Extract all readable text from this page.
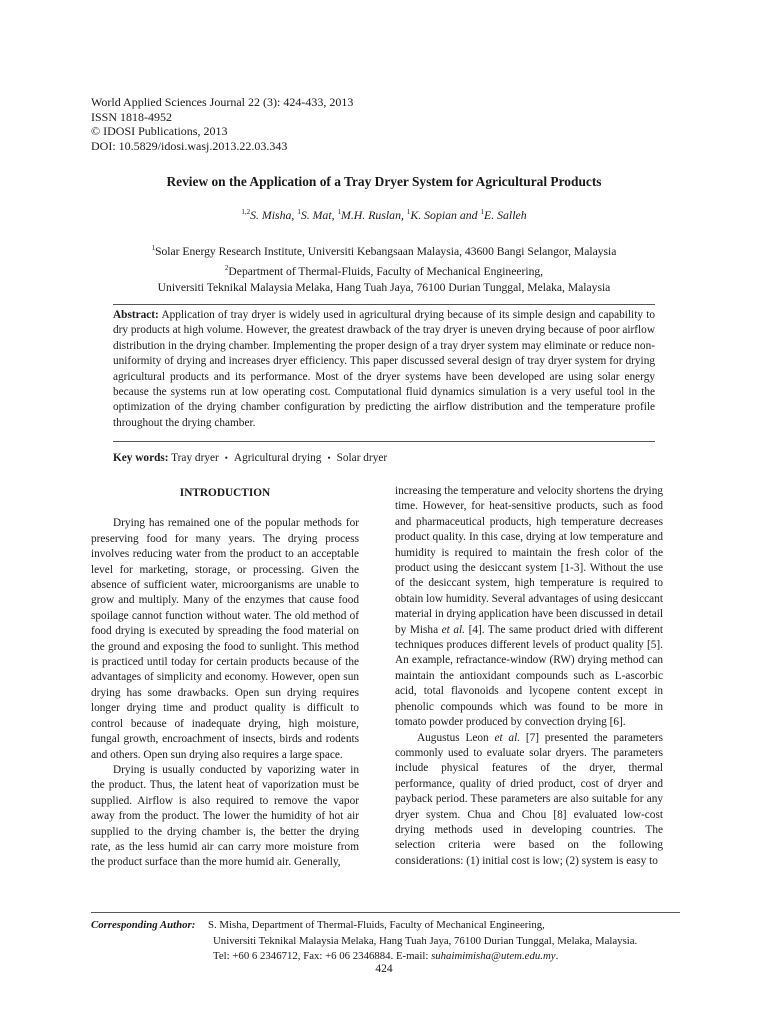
World Applied Sciences Journal 22 (3): 424-433, 2013
ISSN 1818-4952
© IDOSI Publications, 2013
DOI: 10.5829/idosi.wasj.2013.22.03.343
Review on the Application of a Tray Dryer System for Agricultural Products
$^{1,2}$S. Misha, $^1$S. Mat, $^1$M.H. Ruslan, $^1$K. Sopian and $^1$E. Salleh
$^1$Solar Energy Research Institute, Universiti Kebangsaan Malaysia, 43600 Bangi Selangor, Malaysia
$^2$Department of Thermal-Fluids, Faculty of Mechanical Engineering,
Universiti Teknikal Malaysia Melaka, Hang Tuah Jaya, 76100 Durian Tunggal, Melaka, Malaysia
Abstract: Application of tray dryer is widely used in agricultural drying because of its simple design and capability to dry products at high volume. However, the greatest drawback of the tray dryer is uneven drying because of poor airflow distribution in the drying chamber. Implementing the proper design of a tray dryer system may eliminate or reduce non-uniformity of drying and increases dryer efficiency. This paper discussed several design of tray dryer system for drying agricultural products and its performance. Most of the dryer systems have been developed are using solar energy because the systems run at low operating cost. Computational fluid dynamics simulation is a very useful tool in the optimization of the drying chamber configuration by predicting the airflow distribution and the temperature profile throughout the drying chamber.
Key words: Tray dryer • Agricultural drying • Solar dryer
INTRODUCTION

Drying has remained one of the popular methods for preserving food for many years. The drying process involves reducing water from the product to an acceptable level for marketing, storage, or processing. Given the absence of sufficient water, microorganisms are unable to grow and multiply. Many of the enzymes that cause food spoilage cannot function without water. The old method of food drying is executed by spreading the food material on the ground and exposing the food to sunlight. This method is practiced until today for certain products because of the advantages of simplicity and economy. However, open sun drying has some drawbacks. Open sun drying requires longer drying time and product quality is difficult to control because of inadequate drying, high moisture, fungal growth, encroachment of insects, birds and rodents and others. Open sun drying also requires a large space.

Drying is usually conducted by vaporizing water in the product. Thus, the latent heat of vaporization must be supplied. Airflow is also required to remove the vapor away from the product. The lower the humidity of hot air supplied to the drying chamber is, the better the drying rate, as the less humid air can carry more moisture from the product surface than the more humid air. Generally,

increasing the temperature and velocity shortens the drying time. However, for heat-sensitive products, such as food and pharmaceutical products, high temperature decreases product quality. In this case, drying at low temperature and humidity is required to maintain the fresh color of the product using the desiccant system [1-3]. Without the use of the desiccant system, high temperature is required to obtain low humidity. Several advantages of using desiccant material in drying application have been discussed in detail by Misha et al. [4]. The same product dried with different techniques produces different levels of product quality [5]. An example, refractance-window (RW) drying method can maintain the antioxidant compounds such as L-ascorbic acid, total flavonoids and lycopene content except in phenolic compounds which was found to be more in tomato powder produced by convection drying [6].

Augustus Leon et al. [7] presented the parameters commonly used to evaluate solar dryers. The parameters include physical features of the dryer, thermal performance, quality of dried product, cost of dryer and payback period. These parameters are also suitable for any dryer system. Chua and Chou [8] evaluated low-cost drying methods used in developing countries. The selection criteria were based on the following considerations: (1) initial cost is low; (2) system is easy to

Corresponding Author: S. Misha, Department of Thermal-Fluids, Faculty of Mechanical Engineering,
Universiti Teknikal Malaysia Melaka, Hang Tuah Jaya, 76100 Durian Tunggal, Melaka, Malaysia.
Tel: +60 6 2346712, Fax: +6 06 2346884. E-mail: suhaimimisha@utem.edu.my.
424
